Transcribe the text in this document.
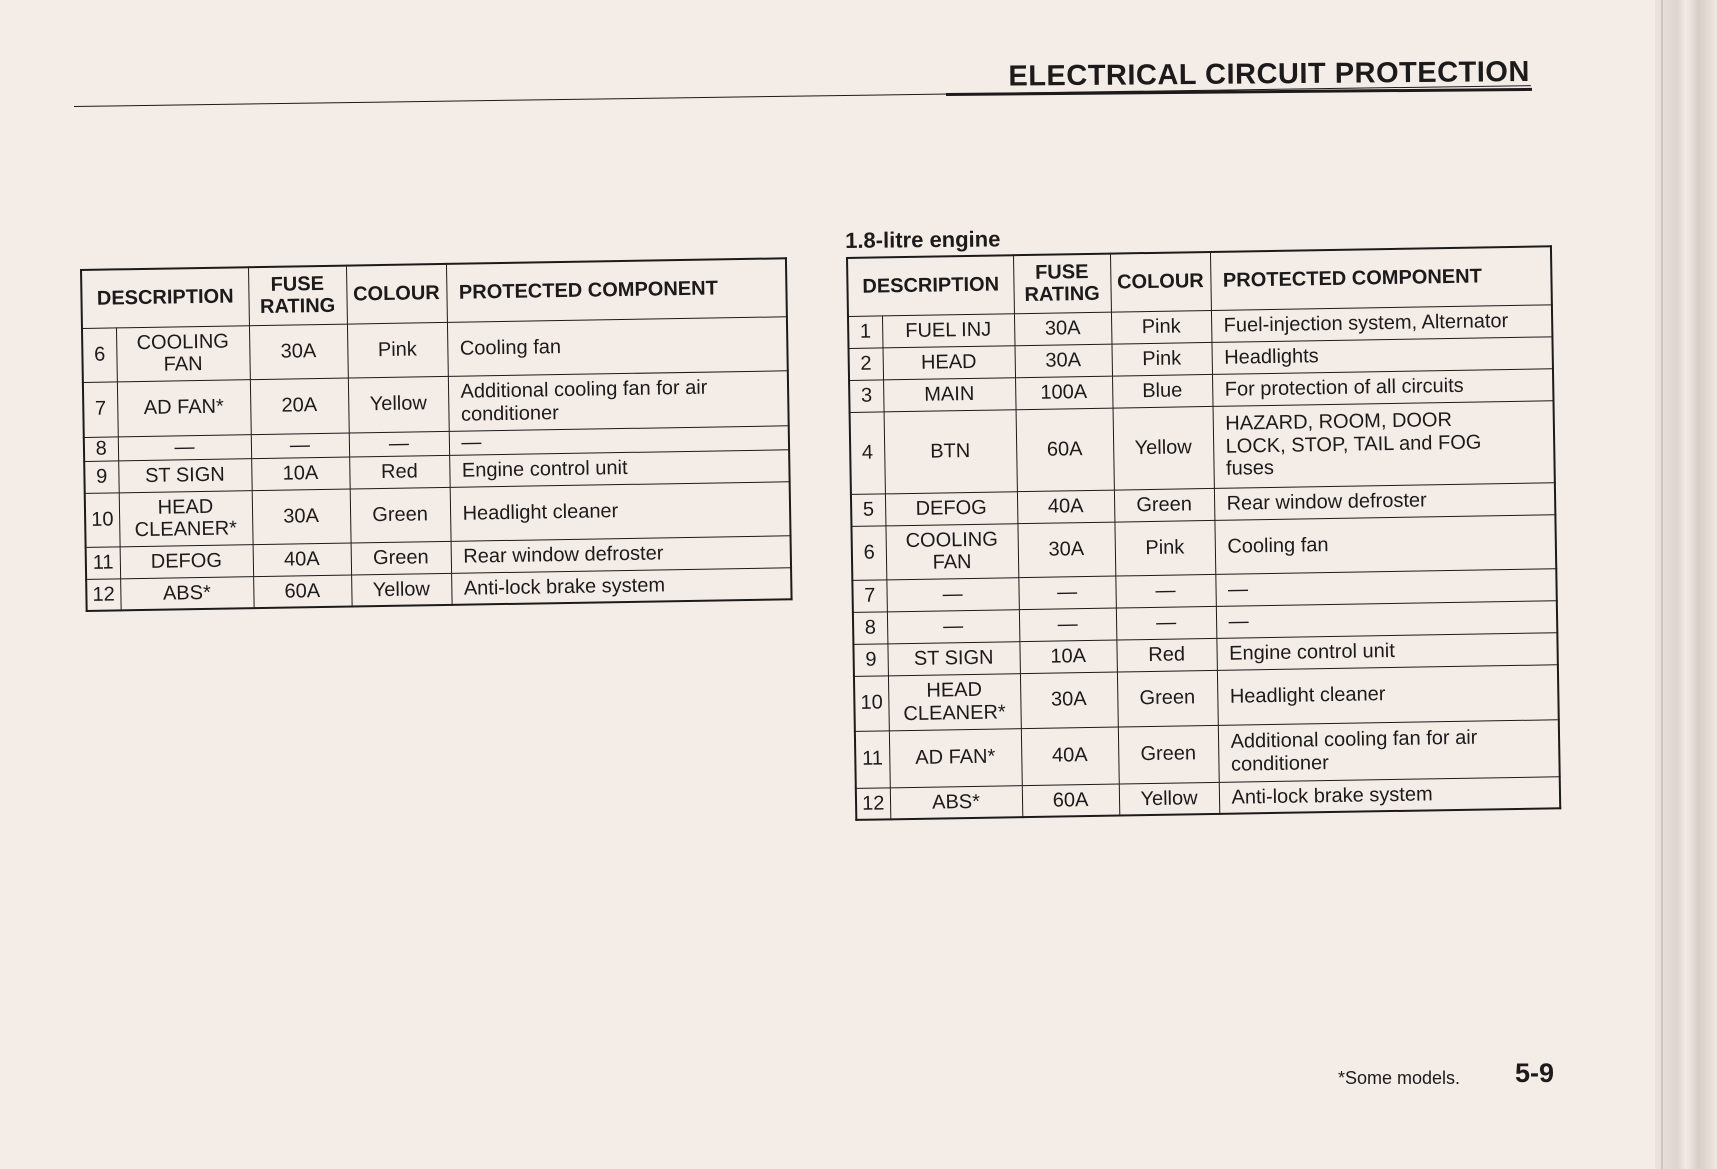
ELECTRICAL CIRCUIT PROTECTION
DESCRIPTION		FUSE
RATING	COLOUR	PROTECTED COMPONENT
6	COOLING
FAN	30A	Pink	Cooling fan
7	AD FAN*	20A	Yellow	Additional cooling fan for air
conditioner
8	—	—	—	—
9	ST SIGN	10A	Red	Engine control unit
10	HEAD
CLEANER*	30A	Green	Headlight cleaner
11	DEFOG	40A	Green	Rear window defroster
12	ABS*	60A	Yellow	Anti-lock brake system
1.8-litre engine
DESCRIPTION		FUSE
RATING	COLOUR	PROTECTED COMPONENT
1	FUEL INJ	30A	Pink	Fuel-injection system, Alternator
2	HEAD	30A	Pink	Headlights
3	MAIN	100A	Blue	For protection of all circuits
4	BTN	60A	Yellow	HAZARD, ROOM, DOOR
LOCK, STOP, TAIL and FOG
fuses
5	DEFOG	40A	Green	Rear window defroster
6	COOLING
FAN	30A	Pink	Cooling fan
7	—	—	—	—
8	—	—	—	—
9	ST SIGN	10A	Red	Engine control unit
10	HEAD
CLEANER*	30A	Green	Headlight cleaner
11	AD FAN*	40A	Green	Additional cooling fan for air
conditioner
12	ABS*	60A	Yellow	Anti-lock brake system
*Some models. 5-9
